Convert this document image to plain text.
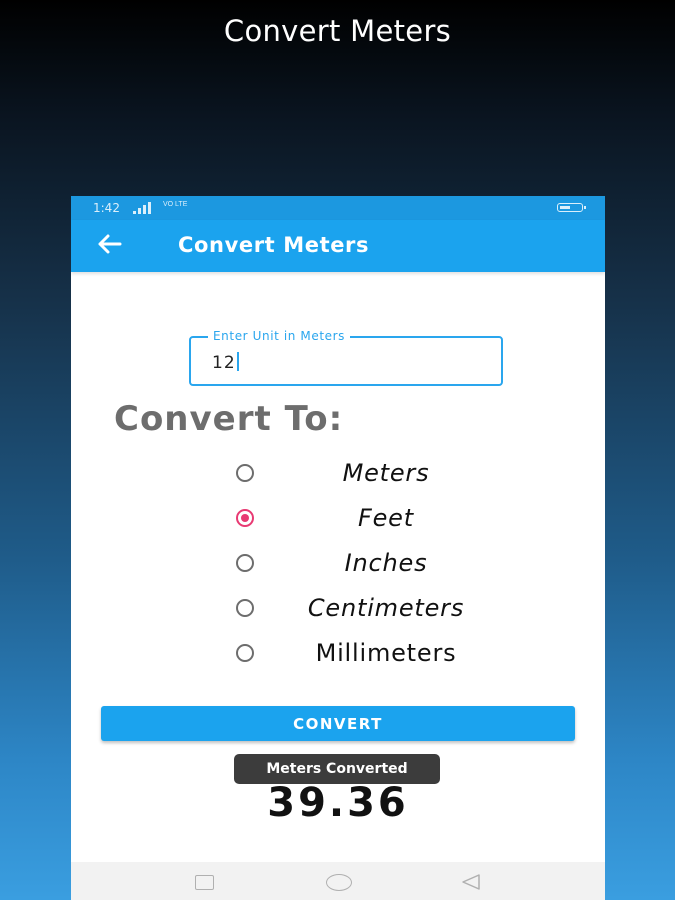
Convert Meters
1:42	VO LTE
Convert Meters
Enter Unit in Meters
12
Convert To:
Meters
Feet
Inches
Centimeters
Millimeters
CONVERT
Meters Converted
39.36
